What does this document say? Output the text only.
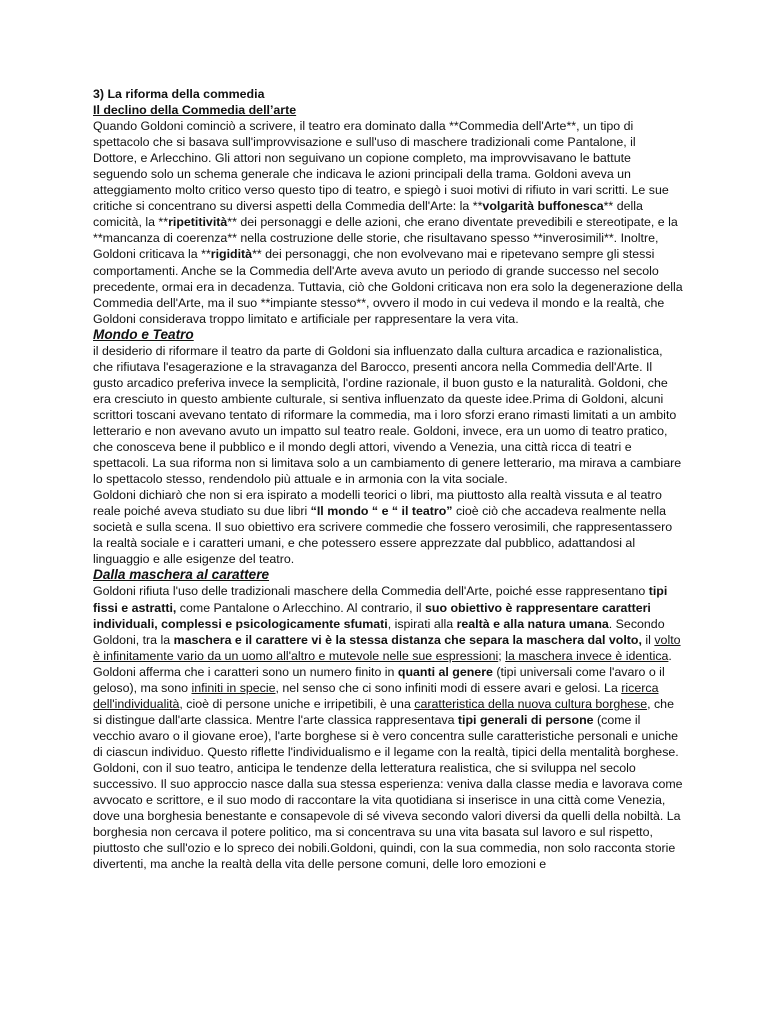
3) La riforma della commedia

Il declino della Commedia dell’arte

Quando Goldoni cominciò a scrivere, il teatro era dominato dalla **Commedia dell'Arte**, un tipo di spettacolo che si basava sull'improvvisazione e sull'uso di maschere tradizionali come Pantalone, il Dottore, e Arlecchino. Gli attori non seguivano un copione completo, ma improvvisavano le battute seguendo solo un schema generale che indicava le azioni principali della trama. Goldoni aveva un atteggiamento molto critico verso questo tipo di teatro, e spiegò i suoi motivi di rifiuto in vari scritti. Le sue critiche si concentrano su diversi aspetti della Commedia dell'Arte: la **volgarità buffonesca** della comicità, la **ripetitività** dei personaggi e delle azioni, che erano diventate prevedibili e stereotipate, e la **mancanza di coerenza** nella costruzione delle storie, che risultavano spesso **inverosimili**. Inoltre, Goldoni criticava la **rigidità** dei personaggi, che non evolvevano mai e ripetevano sempre gli stessi comportamenti. Anche se la Commedia dell'Arte aveva avuto un periodo di grande successo nel secolo precedente, ormai era in decadenza. Tuttavia, ciò che Goldoni criticava non era solo la degenerazione della Commedia dell'Arte, ma il suo **impiante stesso**, ovvero il modo in cui vedeva il mondo e la realtà, che Goldoni considerava troppo limitato e artificiale per rappresentare la vera vita.

Mondo e Teatro

il desiderio di riformare il teatro da parte di Goldoni sia influenzato dalla cultura arcadica e razionalistica, che rifiutava l'esagerazione e la stravaganza del Barocco, presenti ancora nella Commedia dell'Arte. Il gusto arcadico preferiva invece la semplicità, l'ordine razionale, il buon gusto e la naturalità. Goldoni, che era cresciuto in questo ambiente culturale, si sentiva influenzato da queste idee.Prima di Goldoni, alcuni scrittori toscani avevano tentato di riformare la commedia, ma i loro sforzi erano rimasti limitati a un ambito letterario e non avevano avuto un impatto sul teatro reale. Goldoni, invece, era un uomo di teatro pratico, che conosceva bene il pubblico e il mondo degli attori, vivendo a Venezia, una città ricca di teatri e spettacoli. La sua riforma non si limitava solo a un cambiamento di genere letterario, ma mirava a cambiare lo spettacolo stesso, rendendolo più attuale e in armonia con la vita sociale.

Goldoni dichiarò che non si era ispirato a modelli teorici o libri, ma piuttosto alla realtà vissuta e al teatro reale poiché aveva studiato su due libri “Il mondo “ e “ il teatro” cioè ciò che accadeva realmente nella società e sulla scena. Il suo obiettivo era scrivere commedie che fossero verosimili, che rappresentassero la realtà sociale e i caratteri umani, e che potessero essere apprezzate dal pubblico, adattandosi al linguaggio e alle esigenze del teatro.

Dalla maschera al carattere

Goldoni rifiuta l'uso delle tradizionali maschere della Commedia dell'Arte, poiché esse rappresentano tipi fissi e astratti, come Pantalone o Arlecchino. Al contrario, il suo obiettivo è rappresentare caratteri individuali, complessi e psicologicamente sfumati, ispirati alla realtà e alla natura umana. Secondo Goldoni, tra la maschera e il carattere vi è la stessa distanza che separa la maschera dal volto, il volto è infinitamente vario da un uomo all'altro e mutevole nelle sue espressioni; la maschera invece è identica. Goldoni afferma che i caratteri sono un numero finito in quanti al genere (tipi universali come l'avaro o il geloso), ma sono infiniti in specie, nel senso che ci sono infiniti modi di essere avari e gelosi. La ricerca dell'individualità, cioè di persone uniche e irripetibili, è una caratteristica della nuova cultura borghese, che si distingue dall'arte classica. Mentre l'arte classica rappresentava tipi generali di persone (come il vecchio avaro o il giovane eroe), l'arte borghese si è vero concentra sulle caratteristiche personali e uniche di ciascun individuo. Questo riflette l'individualismo e il legame con la realtà, tipici della mentalità borghese. Goldoni, con il suo teatro, anticipa le tendenze della letteratura realistica, che si sviluppa nel secolo successivo. Il suo approccio nasce dalla sua stessa esperienza: veniva dalla classe media e lavorava come avvocato e scrittore, e il suo modo di raccontare la vita quotidiana si inserisce in una città come Venezia, dove una borghesia benestante e consapevole di sé viveva secondo valori diversi da quelli della nobiltà. La borghesia non cercava il potere politico, ma si concentrava su una vita basata sul lavoro e sul rispetto, piuttosto che sull'ozio e lo spreco dei nobili.Goldoni, quindi, con la sua commedia, non solo racconta storie divertenti, ma anche la realtà della vita delle persone comuni, delle loro emozioni e
